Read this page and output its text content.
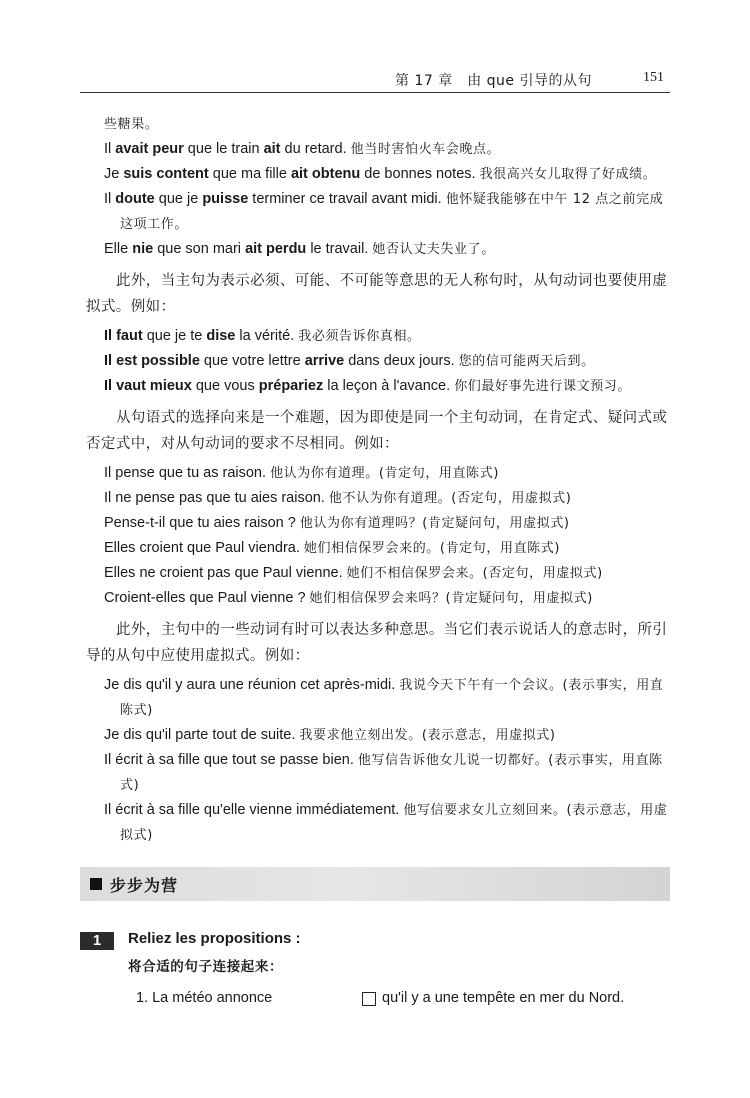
第 17 章　由 que 引导的从句	151

些糖果。

Il avait peur que le train ait du retard. 他当时害怕火车会晚点。

Je suis content que ma fille ait obtenu de bonnes notes. 我很高兴女儿取得了好成绩。

Il doute que je puisse terminer ce travail avant midi. 他怀疑我能够在中午 12 点之前完成这项工作。

Elle nie que son mari ait perdu le travail. 她否认丈夫失业了。

此外，当主句为表示必须、可能、不可能等意思的无人称句时，从句动词也要使用虚拟式。例如：

Il faut que je te dise la vérité. 我必须告诉你真相。

Il est possible que votre lettre arrive dans deux jours. 您的信可能两天后到。

Il vaut mieux que vous prépariez la leçon à l'avance. 你们最好事先进行课文预习。

从句语式的选择向来是一个难题，因为即使是同一个主句动词，在肯定式、疑问式或否定式中，对从句动词的要求不尽相同。例如：

Il pense que tu as raison. 他认为你有道理。(肯定句，用直陈式)

Il ne pense pas que tu aies raison. 他不认为你有道理。(否定句，用虚拟式)

Pense-t-il que tu aies raison ? 他认为你有道理吗？(肯定疑问句，用虚拟式)

Elles croient que Paul viendra. 她们相信保罗会来的。(肯定句，用直陈式)

Elles ne croient pas que Paul vienne. 她们不相信保罗会来。(否定句，用虚拟式)

Croient-elles que Paul vienne ? 她们相信保罗会来吗？(肯定疑问句，用虚拟式)

此外，主句中的一些动词有时可以表达多种意思。当它们表示说话人的意志时，所引导的从句中应使用虚拟式。例如：

Je dis qu'il y aura une réunion cet après-midi. 我说今天下午有一个会议。(表示事实，用直陈式)

Je dis qu'il parte tout de suite. 我要求他立刻出发。(表示意志，用虚拟式)

Il écrit à sa fille que tout se passe bien. 他写信告诉他女儿说一切都好。(表示事实，用直陈式)

Il écrit à sa fille qu'elle vienne immédiatement. 他写信要求女儿立刻回来。(表示意志，用虚拟式)

步步为营
1	Reliez les propositions :
将合适的句子连接起来：
1. La météo annonce	qu'il y a une tempête en mer du Nord.
